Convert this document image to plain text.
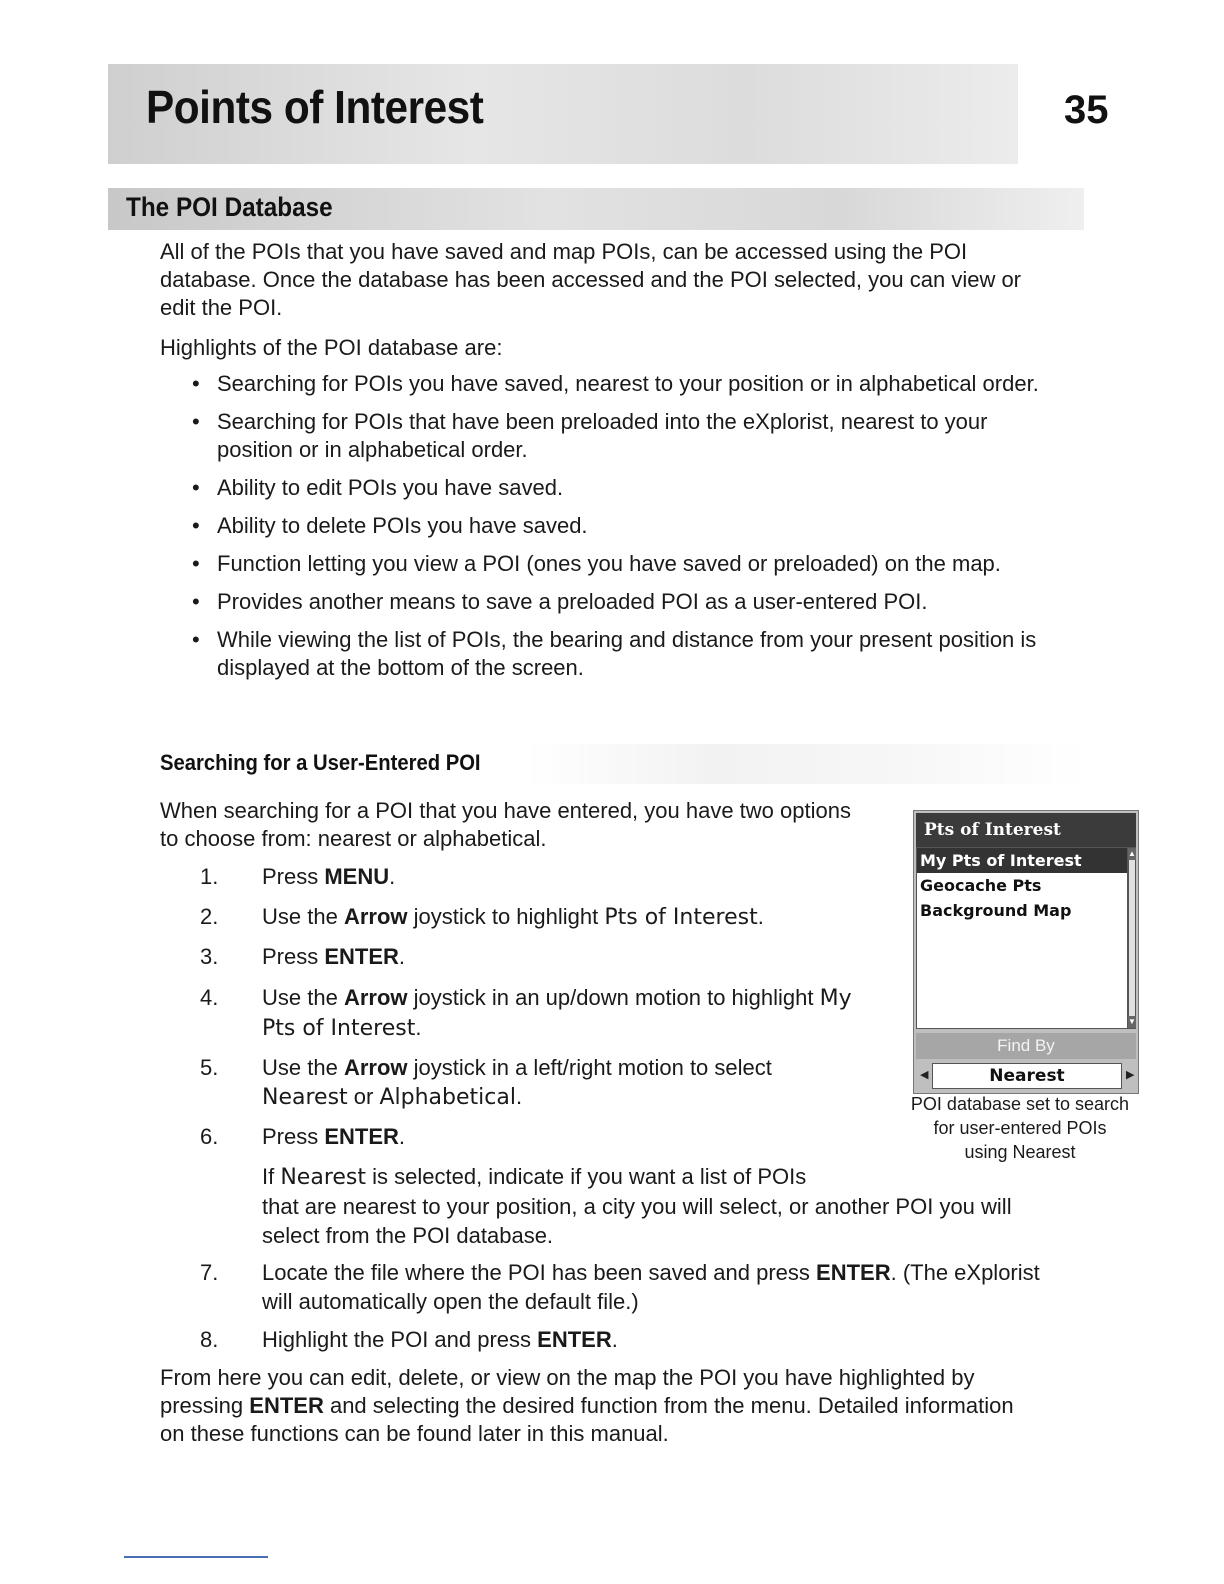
Points of Interest	35
The POI Database
All of the POIs that you have saved and map POIs, can be accessed using the POI
database. Once the database has been accessed and the POI selected, you can view or
edit the POI.
Highlights of the POI database are:
• Searching for POIs you have saved, nearest to your position or in alphabetical order.
• Searching for POIs that have been preloaded into the eXplorist, nearest to your
position or in alphabetical order.
• Ability to edit POIs you have saved.
• Ability to delete POIs you have saved.
• Function letting you view a POI (ones you have saved or preloaded) on the map.
• Provides another means to save a preloaded POI as a user-entered POI.
• While viewing the list of POIs, the bearing and distance from your present position is
displayed at the bottom of the screen.
Searching for a User-Entered POI
When searching for a POI that you have entered, you have two options
to choose from: nearest or alphabetical.
1. Press MENU.
2. Use the Arrow joystick to highlight Pts of Interest.
3. Press ENTER.
4. Use the Arrow joystick in an up/down motion to highlight My
Pts of Interest.
5. Use the Arrow joystick in a left/right motion to select
Nearest or Alphabetical.
6. Press ENTER.
If Nearest is selected, indicate if you want a list of POIs
that are nearest to your position, a city you will select, or another POI you will
select from the POI database.
7. Locate the file where the POI has been saved and press ENTER. (The eXplorist
will automatically open the default file.)
8. Highlight the POI and press ENTER.
From here you can edit, delete, or view on the map the POI you have highlighted by
pressing ENTER and selecting the desired function from the menu. Detailed information
on these functions can be found later in this manual.
Pts of Interest
My Pts of Interest
Geocache Pts
Background Map
▲
▼
Find By
◀	Nearest	▶
POI database set to search
for user-entered POIs
using Nearest
